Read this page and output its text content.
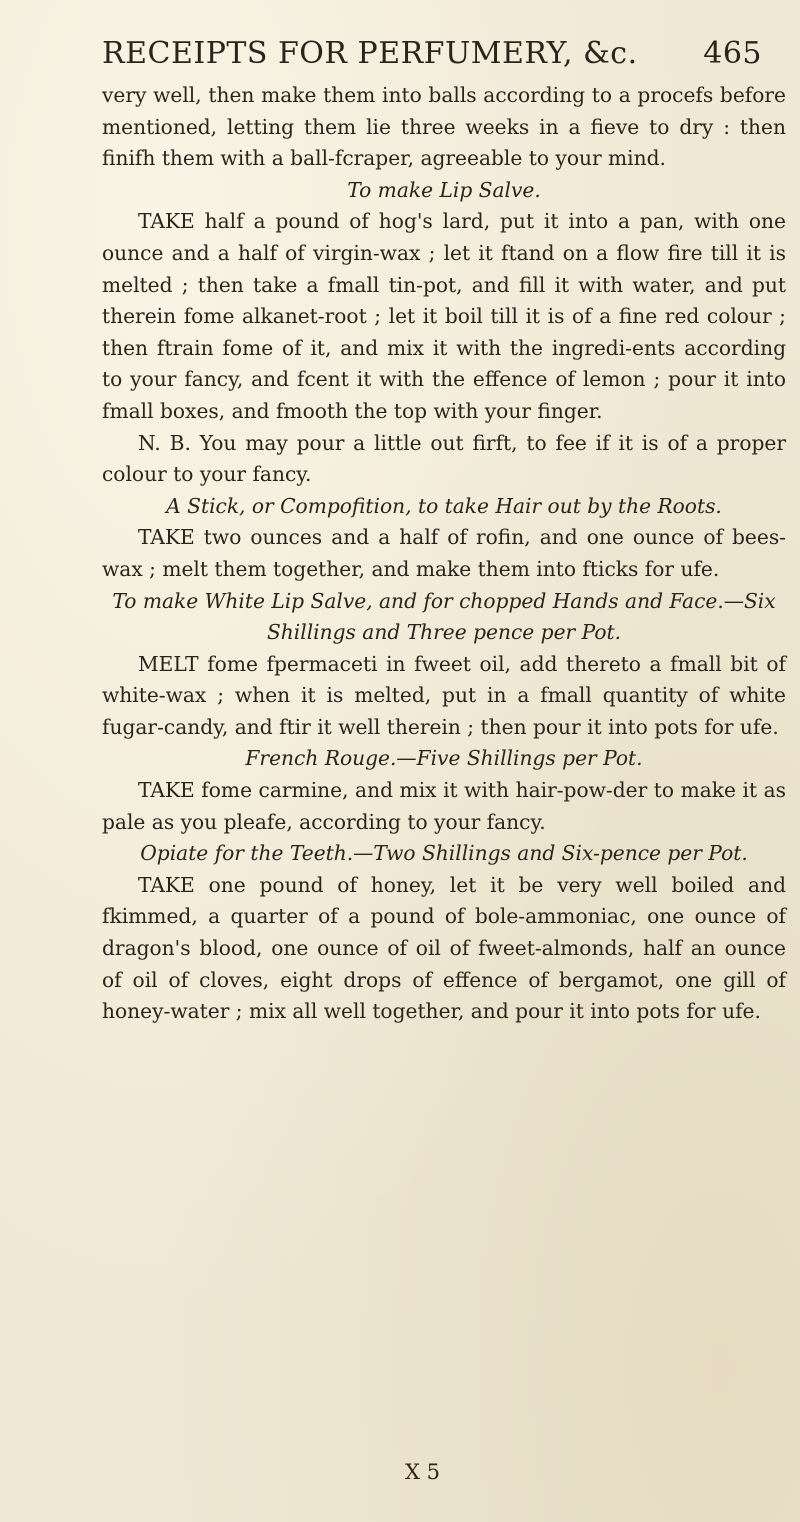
RECEIPTS FOR PERFUMERY, &c. 465

very well, then make them into balls according to a procefs before mentioned, letting them lie three weeks in a fieve to dry : then finifh them with a ball-fcraper, agreeable to your mind.

To make Lip Salve.

TAKE half a pound of hog's lard, put it into a pan, with one ounce and a half of virgin-wax ; let it ftand on a flow fire till it is melted ; then take a fmall tin-pot, and fill it with water, and put therein fome alkanet-root ; let it boil till it is of a fine red colour ; then ftrain fome of it, and mix it with the ingredi-ents according to your fancy, and fcent it with the effence of lemon ; pour it into fmall boxes, and fmooth the top with your finger.

N. B. You may pour a little out firft, to fee if it is of a proper colour to your fancy.

A Stick, or Compofition, to take Hair out by the Roots.

TAKE two ounces and a half of rofin, and one ounce of bees-wax ; melt them together, and make them into fticks for ufe.

To make White Lip Salve, and for chopped Hands and Face.—Six Shillings and Three pence per Pot.

MELT fome fpermaceti in fweet oil, add thereto a fmall bit of white-wax ; when it is melted, put in a fmall quantity of white fugar-candy, and ftir it well therein ; then pour it into pots for ufe.

French Rouge.—Five Shillings per Pot.

TAKE fome carmine, and mix it with hair-pow-der to make it as pale as you pleafe, according to your fancy.

Opiate for the Teeth.—Two Shillings and Six-pence per Pot.

TAKE one pound of honey, let it be very well boiled and fkimmed, a quarter of a pound of bole-ammoniac, one ounce of dragon's blood, one ounce of oil of fweet-almonds, half an ounce of oil of cloves, eight drops of effence of bergamot, one gill of honey-water ; mix all well together, and pour it into pots for ufe.

X 5
